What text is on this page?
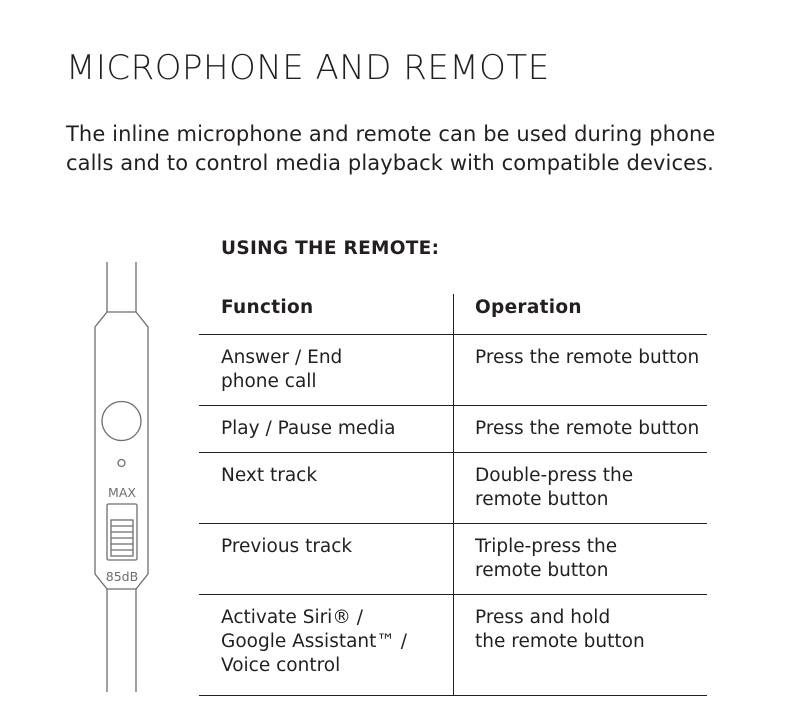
MICROPHONE AND REMOTE

The inline microphone and remote can be used during phone calls and to control media playback with compatible devices.

MAX
85dB
USING THE REMOTE:
Function	Operation
Answer / End
phone call	Press the remote button
Play / Pause media	Press the remote button
Next track	Double-press the
remote button
Previous track	Triple-press the
remote button
Activate Siri® /
Google Assistant™ /
Voice control	Press and hold
the remote button
